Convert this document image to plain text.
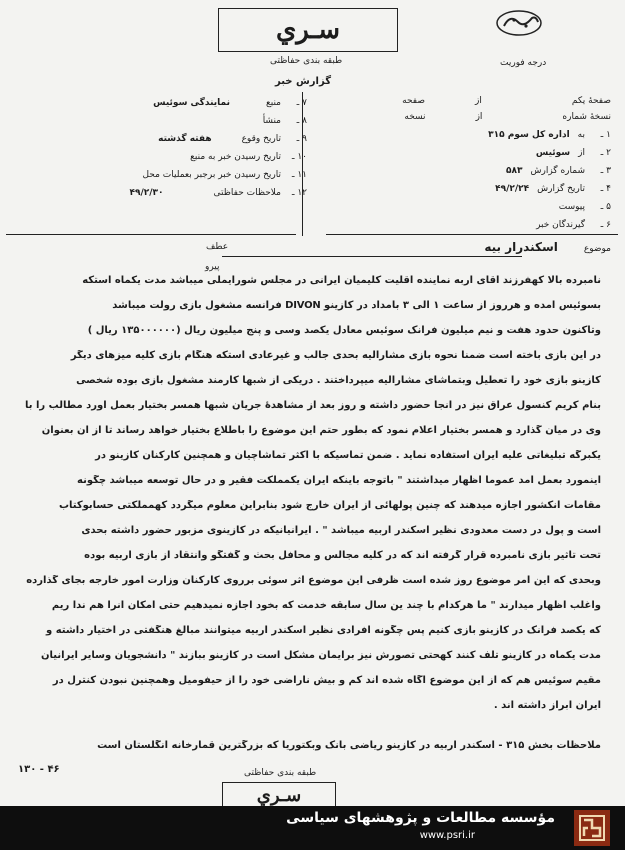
سـري
طبقه بندی حفاظتی
گزارش خبر
درجه فوریت
صفحهٔ یکم
از
صفحه
نسخهٔ شماره
از
نسخه
۱ ـ
به
اداره کل سوم ۳۱۵
۲ ـ
از
سوئیس
۳ ـ
شماره گزارش
۵۸۳
۴ ـ
تاریخ گزارش
۴۹/۲/۲۴
۵ ـ
پیوست
۶ ـ
گیرندگان خبر
۷ ـ
منبع
نمایندگی سوئیس
۸ ـ
منشأ
۹ ـ
تاریخ وقوع
هفته گذشته
۱۰ ـ
تاریخ رسیدن خبر به منبع
۱۱ ـ
تاریخ رسیدن خبر برجبر بعملیات محل
۱۲ ـ
ملاحظات حفاظتی
۴۹/۲/۳۰
موضوع
اسکندرار بیه
عطف
پیرو
نامبرده بالا کهفرزند آقای اربه نماینده اقلیت کلیمیان ایرانی در مجلس شورایملی میباشد مدت یکماه استکه
بسوئیس آمده و هرروز از ساعت ۱ الی ۳ بامداد در کازینو DIVON فرانسه مشغول بازی رولت میباشد
وتاکنون حدود هفت و نیم میلیون فرانک سوئیس معادل یکصد وسی و پنج میلیون ریال (۱۳۵۰۰۰۰۰۰ ریال )
در این بازی باخته است ضمنا نحوه بازی مشارالیه بحدی جالب و غیرعادی استکه هنگام بازی کلیه میزهای دیگر
کازینو بازی خود را تعطیل وبتماشای مشارالیه میپرداختند . دریکی از شبها کارمند مشغول بازی بوده شخصی
بنام کریم کنسول عراق نیز در آنجا حضور داشته و روز بعد از مشاهدهٔ جریان شبها همسر بختیار بعمل آورد مطالب را با
وی در میان گذارد و همسر بختیار اعلام نمود که بطور حتم این موضوع را باطلاع بختیار خواهد رساند تا از آن بعنوان
یکبرگه تبلیغاتی علیه ایران استفاده نماید . ضمن تماسیکه با اکثر تماشاچیان و همچنین کارکنان کازینو در
اینمورد بعمل آمد عموما اظهار میداشتند " باتوجه باینکه ایران یکمملکت فقیر و در حال توسعه میباشد چگونه
مقامات آنکشور اجازه میدهند که چنین پولهائی از ایران خارج شود بنابراین معلوم میگردد کهمملکتی حسابوکتاب
است و پول در دست معدودی نظیر اسکندر اربیه میباشد " . ایرانیانیکه در کازینوی مزبور حضور داشته بحدی
تحت تاثیر بازی نامبرده قرار گرفته اند که در کلیه مجالس و محافل بحث و گفتگو وانتقاد از بازی اربیه بوده
وبحدی که این امر موضوع روز شده است ظرفی این موضوع اثر سوئی برروی کارکنان وزارت امور خارجه بجای گذارده
واغلب اظهار میدارند " ما هرکدام با چند ین سال سابقه خدمت که بخود اجازه نمیدهیم حتی امکان آنرا هم ندا ریم
که یکصد فرانک در کازینو بازی کنیم پس چگونه افرادی نظیر اسکندر اربیه میتوانند مبالغ هنگفتی در اختیار داشته و
مدت یکماه در کازینو تلف کنند کهحتی تصورش نیز برایمان مشکل است در کازینو ببازند " دانشجویان وسایر ایرانیان
مقیم سوئیس هم که از این موضوع آگاه شده اند کم و بیش ناراضی خود را از حیفومیل وهمچنین نبودن کنترل در
ایران ابراز داشته اند .
ملاحظات بخش ۳۱۵ - اسکندر اربیه در کازینو ریاضی بانک وبکتوریا که بزرگترین قمارخانه انگلستان است
۴۶ - ۱۳۰	طبقه بندی حفاظتی
سـري
مؤسسه مطالعات و پژوهشهای سیاسی
www.psri.ir
